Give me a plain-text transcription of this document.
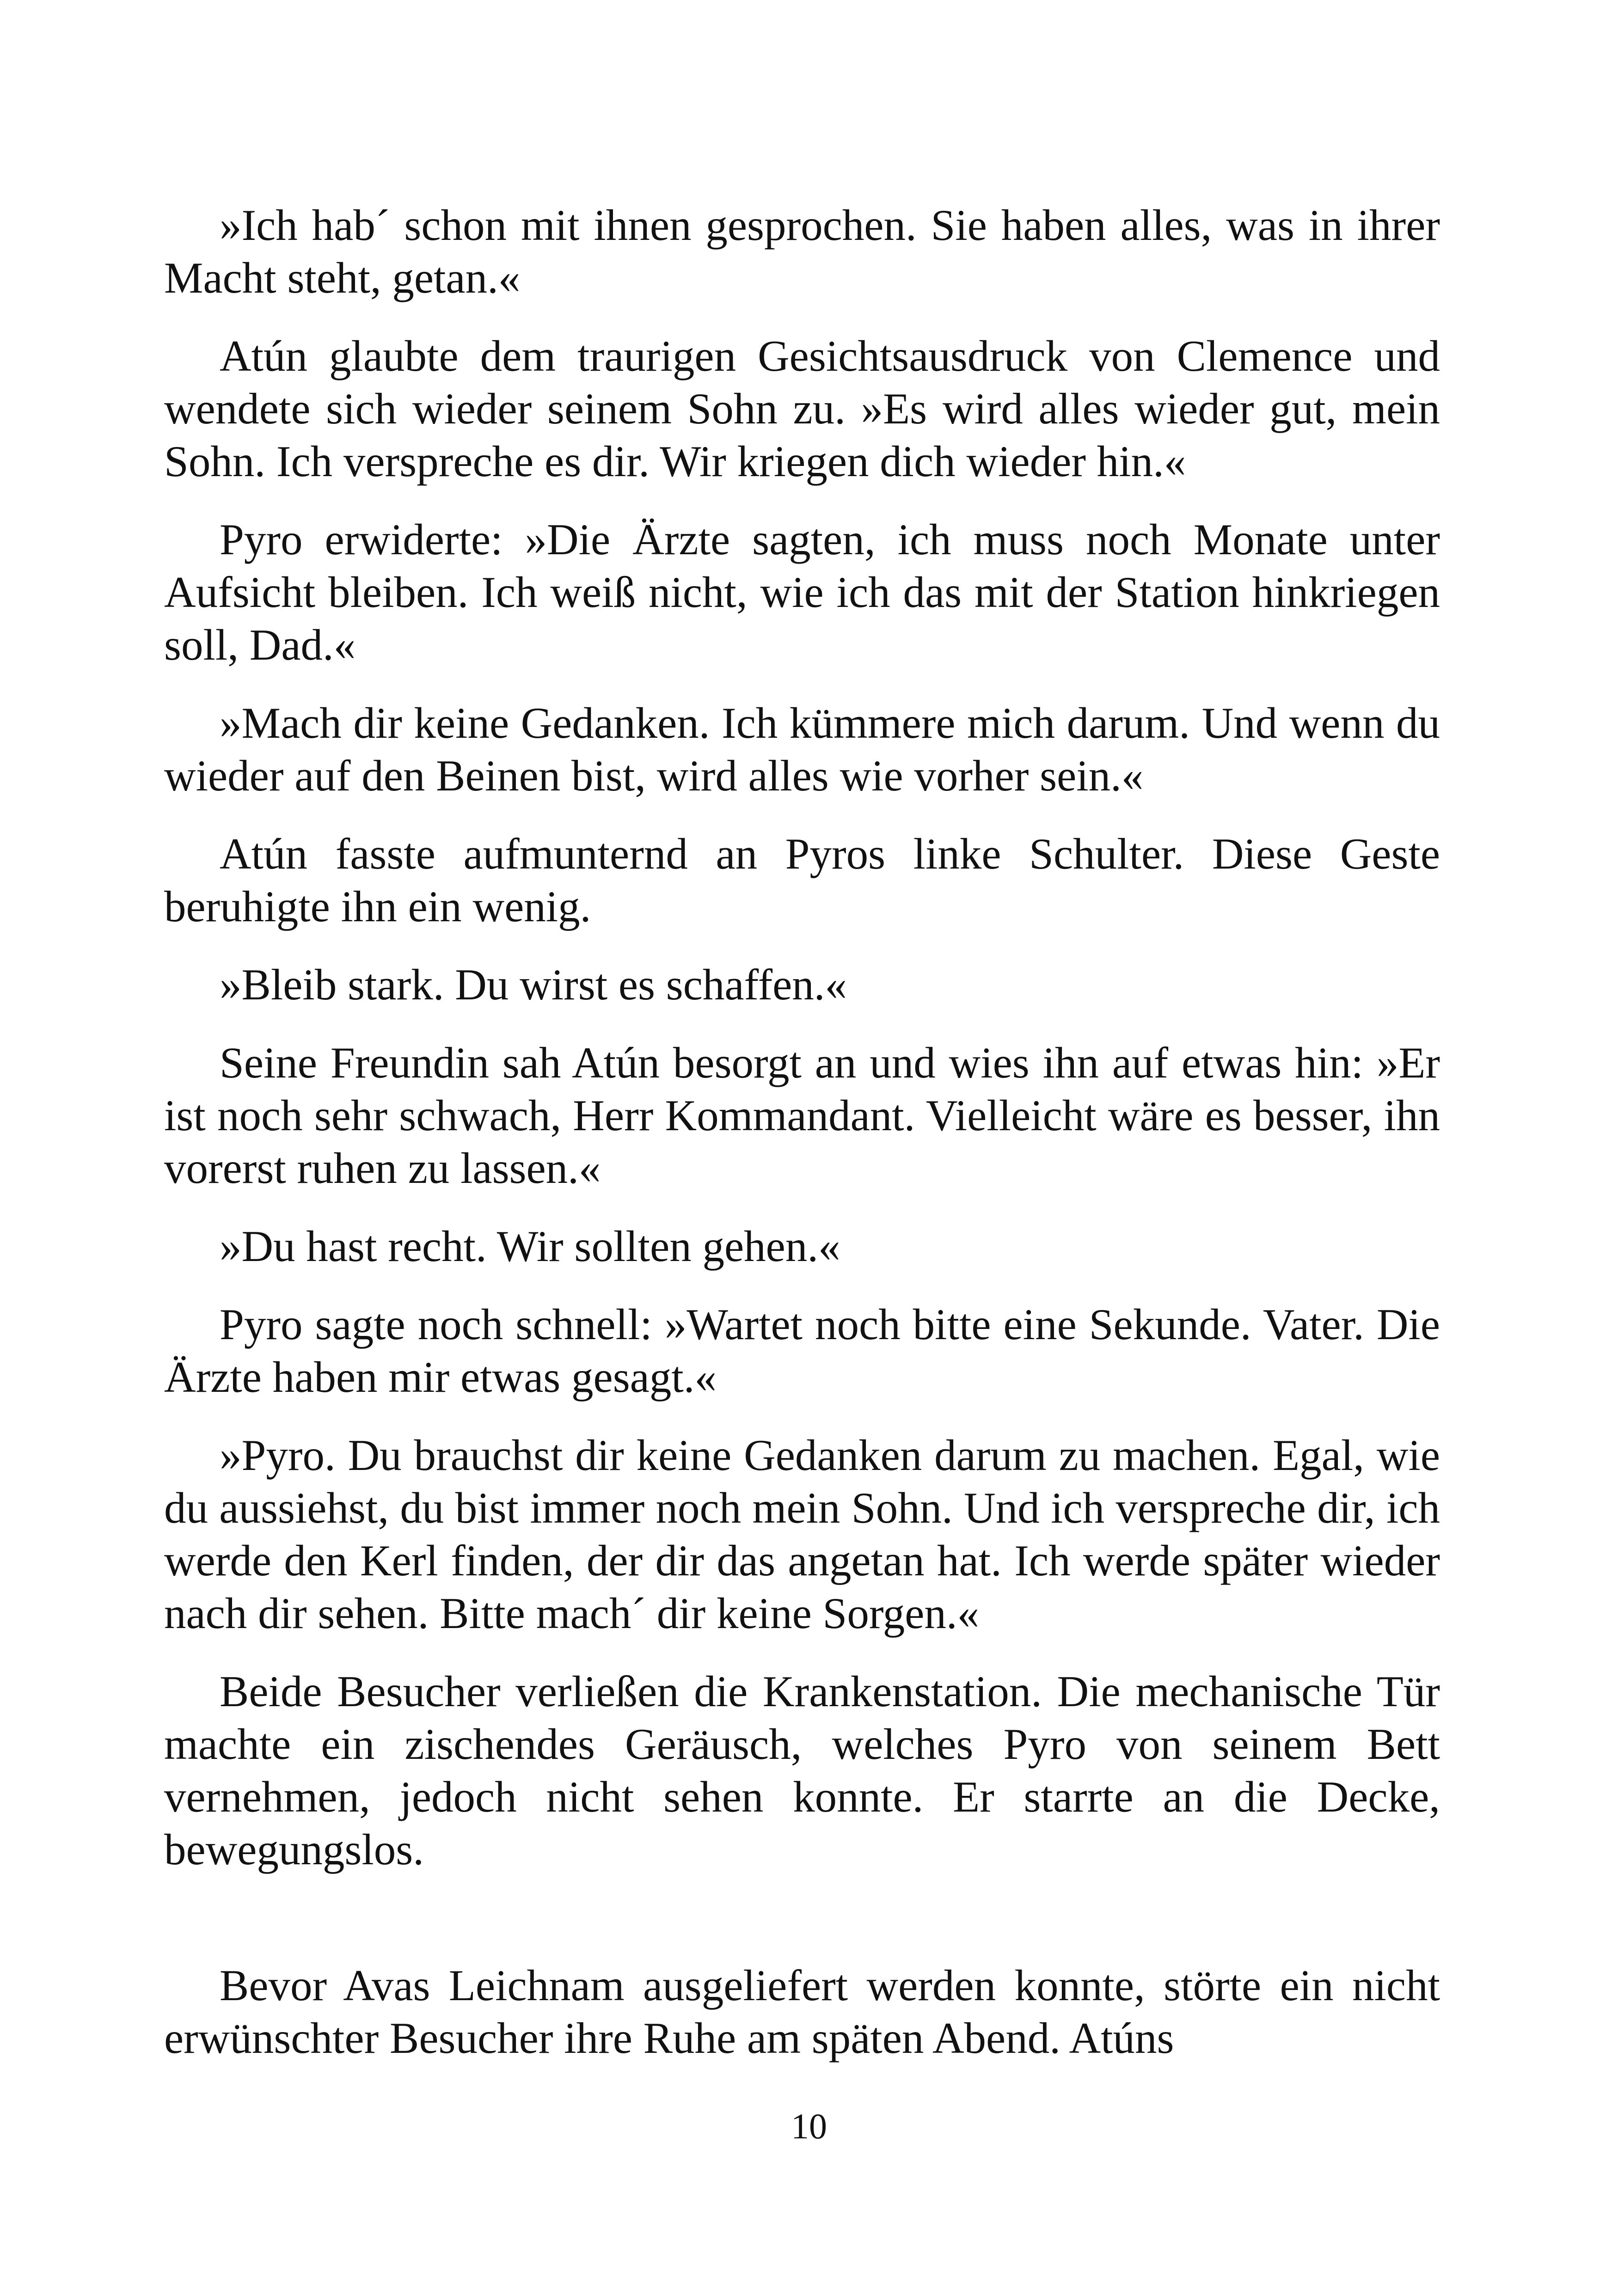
»Ich hab´ schon mit ihnen gesprochen. Sie haben alles, was in ihrer Macht steht, getan.«

Atún glaubte dem traurigen Gesichtsausdruck von Clemence und wendete sich wieder seinem Sohn zu. »Es wird alles wieder gut, mein Sohn. Ich verspreche es dir. Wir kriegen dich wieder hin.«

Pyro erwiderte: »Die Ärzte sagten, ich muss noch Monate unter Aufsicht bleiben. Ich weiß nicht, wie ich das mit der Station hinkriegen soll, Dad.«

»Mach dir keine Gedanken. Ich kümmere mich darum. Und wenn du wieder auf den Beinen bist, wird alles wie vorher sein.«

Atún fasste aufmunternd an Pyros linke Schulter. Diese Geste beruhigte ihn ein wenig.

»Bleib stark. Du wirst es schaffen.«

Seine Freundin sah Atún besorgt an und wies ihn auf etwas hin: »Er ist noch sehr schwach, Herr Kommandant. Vielleicht wäre es besser, ihn vorerst ruhen zu lassen.«

»Du hast recht. Wir sollten gehen.«

Pyro sagte noch schnell: »Wartet noch bitte eine Sekunde. Vater. Die Ärzte haben mir etwas gesagt.«

»Pyro. Du brauchst dir keine Gedanken darum zu machen. Egal, wie du aussiehst, du bist immer noch mein Sohn. Und ich verspreche dir, ich werde den Kerl finden, der dir das angetan hat. Ich werde später wieder nach dir sehen. Bitte mach´ dir keine Sorgen.«

Beide Besucher verließen die Krankenstation. Die mechanische Tür machte ein zischendes Geräusch, welches Pyro von seinem Bett vernehmen, jedoch nicht sehen konnte. Er starrte an die Decke, bewegungslos.

Bevor Avas Leichnam ausgeliefert werden konnte, störte ein nicht erwünschter Besucher ihre Ruhe am späten Abend. Atúns

10
